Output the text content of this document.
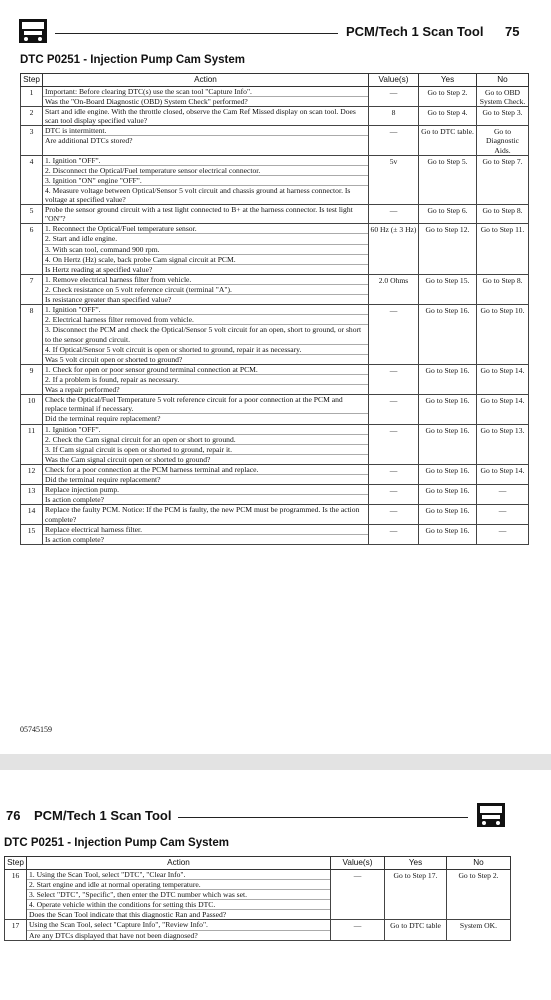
PCM/Tech 1 Scan Tool 75
DTC P0251 - Injection Pump Cam System
Step	Action	Value(s)	Yes	No
1	Important: Before clearing DTC(s) use the scan tool "Capture Info".
Was the "On-Board Diagnostic (OBD) System Check" performed?	—	Go to Step 2.	Go to OBD System Check.
2	Start and idle engine. With the throttle closed, observe the Cam Ref Missed display on scan tool. Does scan tool display specified value?	8	Go to Step 4.	Go to Step 3.
3	DTC is intermittent.
Are additional DTCs stored?	—	Go to DTC table.	Go to Diagnostic Aids.
4	1. Ignition "OFF".
2. Disconnect the Optical/Fuel temperature sensor electrical connector.
3. Ignition "ON" engine "OFF".
4. Measure voltage between Optical/Sensor 5 volt circuit and chassis ground at harness connector. Is voltage at specified value?	5v	Go to Step 5.	Go to Step 7.
5	Probe the sensor ground circuit with a test light connected to B+ at the harness connector. Is test light "ON"?	—	Go to Step 6.	Go to Step 8.
6	1. Reconnect the Optical/Fuel temperature sensor.
2. Start and idle engine.
3. With scan tool, command 900 rpm.
4. On Hertz (Hz) scale, back probe Cam signal circuit at PCM.
Is Hertz reading at specified value?	60 Hz (± 3 Hz)	Go to Step 12.	Go to Step 11.
7	1. Remove electrical harness filter from vehicle.
2. Check resistance on 5 volt reference circuit (terminal "A").
Is resistance greater than specified value?	2.0 Ohms	Go to Step 15.	Go to Step 8.
8	1. Ignition "OFF".
2. Electrical harness filter removed from vehicle.
3. Disconnect the PCM and check the Optical/Sensor 5 volt circuit for an open, short to ground, or short to the sensor ground circuit.
4. If Optical/Sensor 5 volt circuit is open or shorted to ground, repair it as necessary.
Was 5 volt circuit open or shorted to ground?	—	Go to Step 16.	Go to Step 10.
9	1. Check for open or poor sensor ground terminal connection at PCM.
2. If a problem is found, repair as necessary.
Was a repair performed?	—	Go to Step 16.	Go to Step 14.
10	Check the Optical/Fuel Temperature 5 volt reference circuit for a poor connection at the PCM and replace terminal if necessary.
Did the terminal require replacement?	—	Go to Step 16.	Go to Step 14.
11	1. Ignition "OFF".
2. Check the Cam signal circuit for an open or short to ground.
3. If Cam signal circuit is open or shorted to ground, repair it.
Was the Cam signal circuit open or shorted to ground?	—	Go to Step 16.	Go to Step 13.
12	Check for a poor connection at the PCM harness terminal and replace.
Did the terminal require replacement?	—	Go to Step 16.	Go to Step 14.
13	Replace injection pump.
Is action complete?	—	Go to Step 16.	—
14	Replace the faulty PCM. Notice: If the PCM is faulty, the new PCM must be programmed. Is the action complete?	—	Go to Step 16.	—
15	Replace electrical harness filter.
Is action complete?	—	Go to Step 16.	—
05745159
76 PCM/Tech 1 Scan Tool
DTC P0251 - Injection Pump Cam System
Step	Action	Value(s)	Yes	No
16	1. Using the Scan Tool, select "DTC", "Clear Info".
2. Start engine and idle at normal operating temperature.
3. Select "DTC", "Specific", then enter the DTC number which was set.
4. Operate vehicle within the conditions for setting this DTC.
Does the Scan Tool indicate that this diagnostic Ran and Passed?	—	Go to Step 17.	Go to Step 2.
17	Using the Scan Tool, select "Capture Info", "Review Info".
Are any DTCs displayed that have not been diagnosed?	—	Go to DTC table	System OK.
